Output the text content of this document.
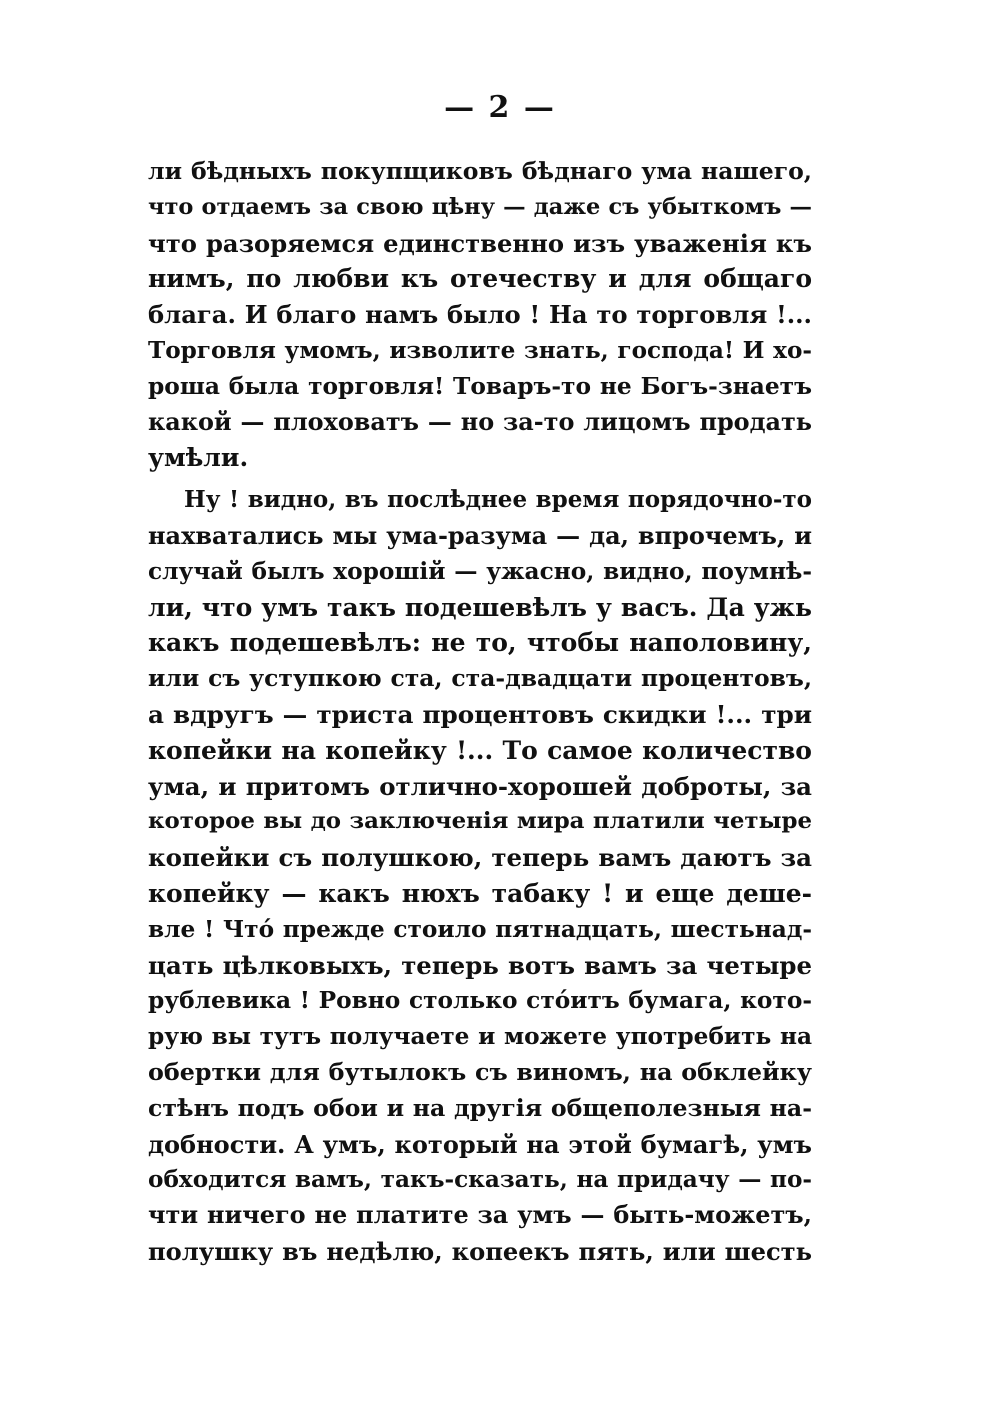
— 2 —
ли бѣдныхъ покупщиковъ бѣднаго ума нашего,
что отдаемъ за свою цѣну — даже съ убыткомъ —
что разоряемся единственно изъ уваженія къ
нимъ, по любви къ отечеству и для общаго
блага. И благо намъ было ! На то торговля !...
Торговля умомъ, изволите знать, господа! И хо-
роша была торговля! Товаръ-то не Богъ-знаетъ
какой — плоховатъ — но за-то лицомъ продать
умѣли.
Ну ! видно, въ послѣднее время порядочно-то
нахватались мы ума-разума — да, впрочемъ, и
случай былъ хорошій — ужасно, видно, поумнѣ-
ли, что умъ такъ подешевѣлъ у васъ. Да ужь
какъ подешевѣлъ: не то, чтобы наполовину,
или съ уступкою ста, ста-двадцати процентовъ,
а вдругъ — триста процентовъ скидки !... три
копейки на копейку !... То самое количество
ума, и притомъ отлично-хорошей доброты, за
которое вы до заключенія мира платили четыре
копейки съ полушкою, теперь вамъ даютъ за
копейку — какъ нюхъ табаку ! и еще деше-
вле ! Что́ прежде стоило пятнадцать, шестьнад-
цать цѣлковыхъ, теперь вотъ вамъ за четыре
рублевика ! Ровно столько сто́итъ бумага, кото-
рую вы тутъ получаете и можете употребить на
обертки для бутылокъ съ виномъ, на обклейку
стѣнъ подъ обои и на другія общеполезныя на-
добности. А умъ, который на этой бумагѣ, умъ
обходится вамъ, такъ-сказать, на придачу — по-
чти ничего не платите за умъ — быть-можетъ,
полушку въ недѣлю, копеекъ пять, или шесть
